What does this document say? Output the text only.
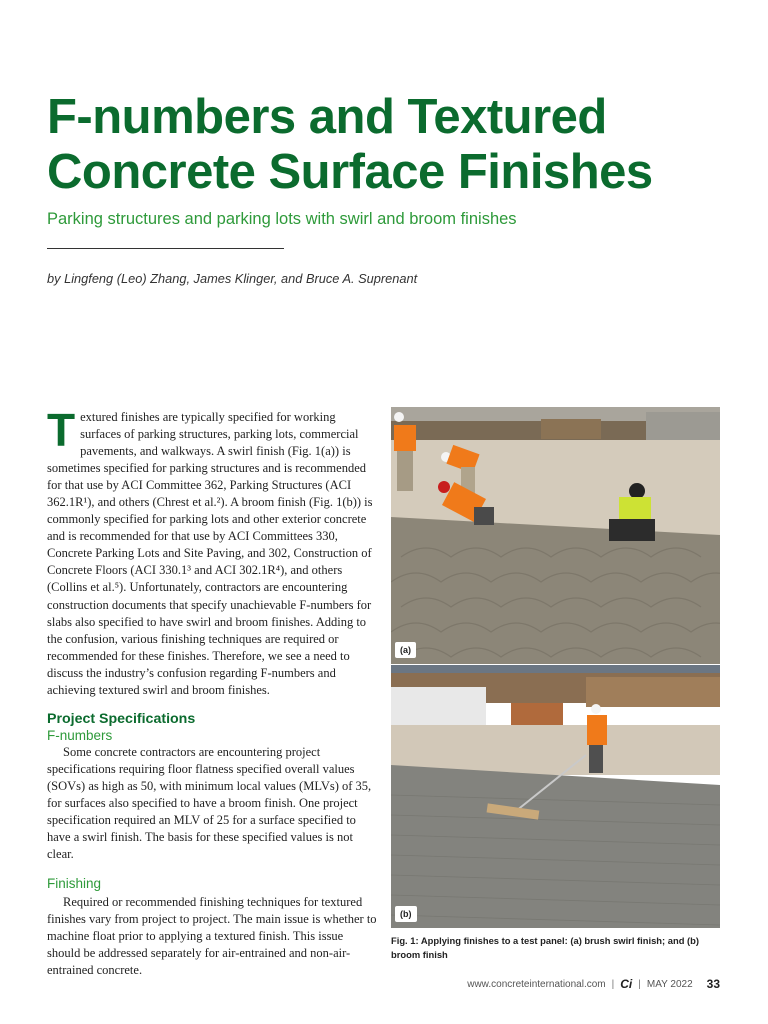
F-numbers and Textured Concrete Surface Finishes
Parking structures and parking lots with swirl and broom finishes
by Lingfeng (Leo) Zhang, James Klinger, and Bruce A. Suprenant

Textured finishes are typically specified for working surfaces of parking structures, parking lots, commercial pavements, and walkways. A swirl finish (Fig. 1(a)) is sometimes specified for parking structures and is recommended for that use by ACI Committee 362, Parking Structures (ACI 362.1R¹), and others (Chrest et al.²). A broom finish (Fig. 1(b)) is commonly specified for parking lots and other exterior concrete and is recommended for that use by ACI Committees 330, Concrete Parking Lots and Site Paving, and 302, Construction of Concrete Floors (ACI 330.1³ and ACI 302.1R⁴), and others (Collins et al.⁵). Unfortunately, contractors are encountering construction documents that specify unachievable F-numbers for slabs also specified to have swirl and broom finishes. Adding to the confusion, various finishing techniques are required or recommended for these finishes. Therefore, we see a need to discuss the industry’s confusion regarding F-numbers and achieving textured swirl and broom finishes.

Project Specifications
F-numbers

Some concrete contractors are encountering project specifications requiring floor flatness specified overall values (SOVs) as high as 50, with minimum local values (MLVs) of 35, for surfaces also specified to have a broom finish. One project specification required an MLV of 25 for a surface specified to have a swirl finish. The basis for these specified values is not clear.

Finishing

Required or recommended finishing techniques for textured finishes vary from project to project. The main issue is whether to machine float prior to applying a textured finish. This issue should be addressed separately for air-entrained and non-air-entrained concrete.

(a)
(b)
Fig. 1: Applying finishes to a test panel: (a) brush swirl finish; and (b) broom finish
www.concreteinternational.com | Ci | MAY 2022 33
